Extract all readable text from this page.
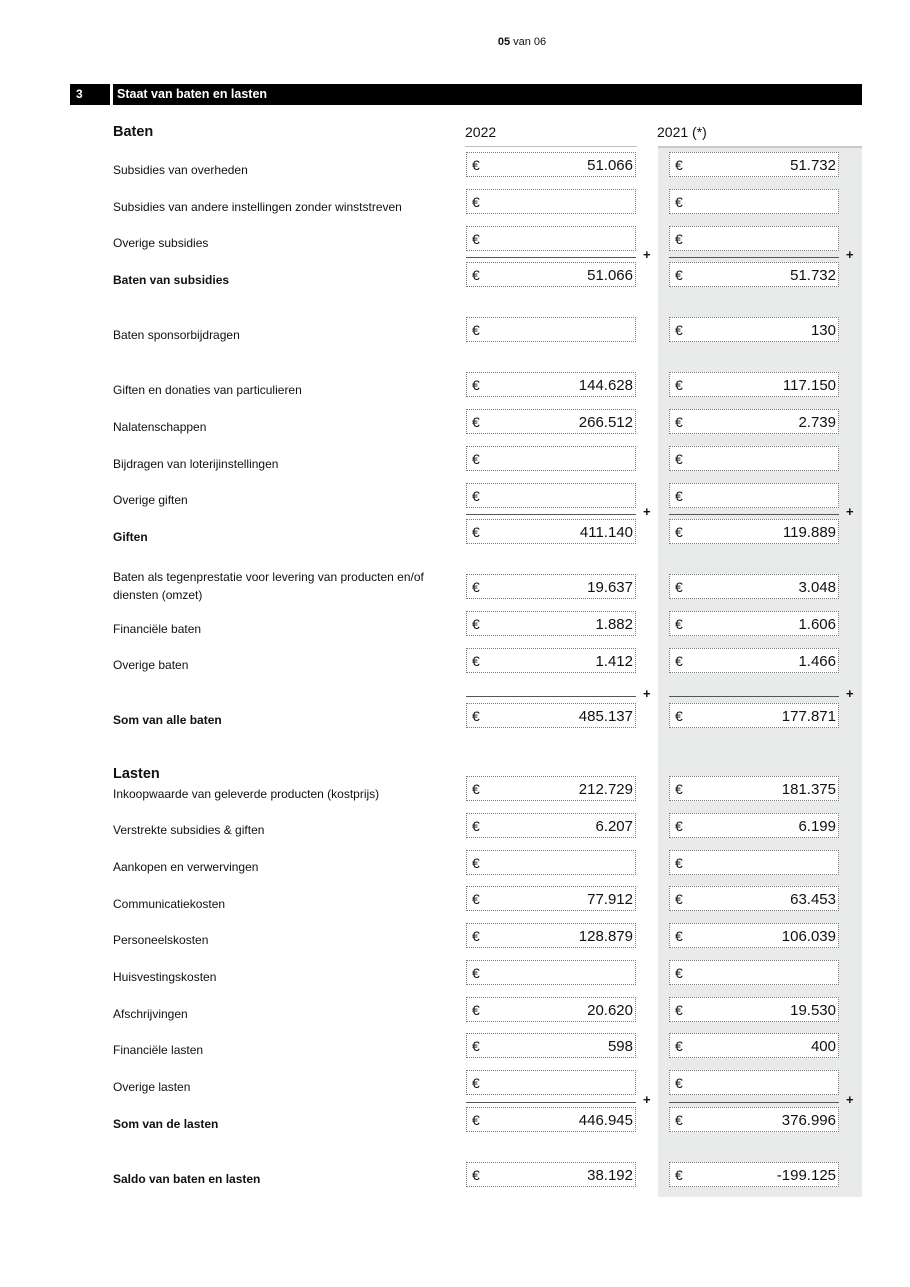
05 van 06
3	Staat van baten en lasten
2022	2021 (*)
Baten
Lasten
Subsidies van overheden	€	51.066	€	51.732
Subsidies van andere instellingen zonder winststreven	€	€
Overige subsidies	€	€
Baten van subsidies	€	51.066	€	51.732
Baten sponsorbijdragen	€	€	130
Giften en donaties van particulieren	€	144.628	€	117.150
Nalatenschappen	€	266.512	€	2.739
Bijdragen van loterijinstellingen	€	€
Overige giften	€	€
Giften	€	411.140	€	119.889
Baten als tegenprestatie voor levering van producten en/of diensten (omzet)	€	19.637	€	3.048
Financiële baten	€	1.882	€	1.606
Overige baten	€	1.412	€	1.466
Som van alle baten	€	485.137	€	177.871
Inkoopwaarde van geleverde producten (kostprijs)	€	212.729	€	181.375
Verstrekte subsidies & giften	€	6.207	€	6.199
Aankopen en verwervingen	€	€
Communicatiekosten	€	77.912	€	63.453
Personeelskosten	€	128.879	€	106.039
Huisvestingskosten	€	€
Afschrijvingen	€	20.620	€	19.530
Financiële lasten	€	598	€	400
Overige lasten	€	€
Som van de lasten	€	446.945	€	376.996
Saldo van baten en lasten	€	38.192	€	-199.125
+	+
+	+
+	+
+	+
